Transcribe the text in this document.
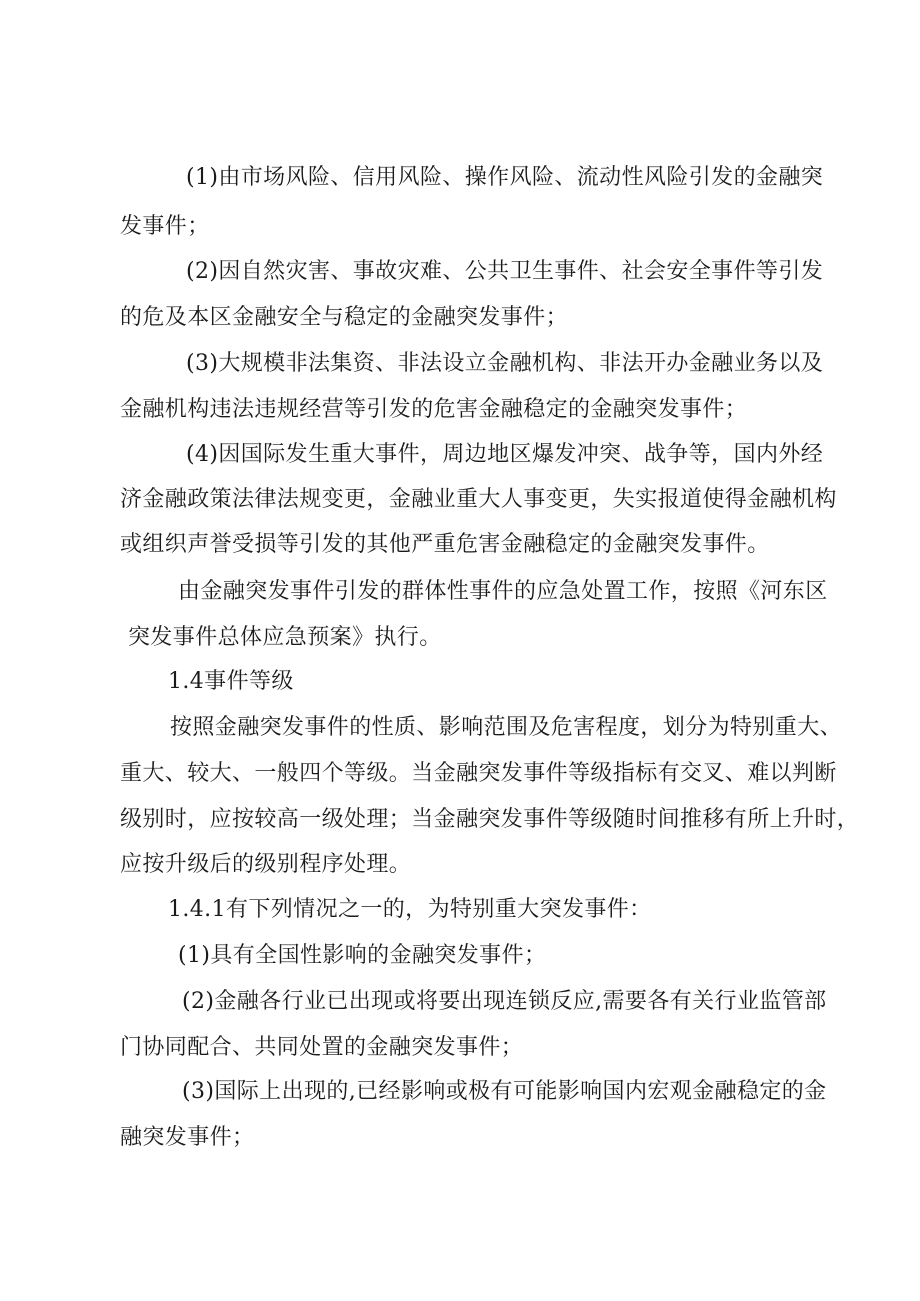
(1)由市场风险、信用风险、操作风险、流动性风险引发的金融突
发事件；
(2)因自然灾害、事故灾难、公共卫生事件、社会安全事件等引发
的危及本区金融安全与稳定的金融突发事件；
(3)大规模非法集资、非法设立金融机构、非法开办金融业务以及
金融机构违法违规经营等引发的危害金融稳定的金融突发事件；
(4)因国际发生重大事件，周边地区爆发冲突、战争等，国内外经
济金融政策法律法规变更，金融业重大人事变更，失实报道使得金融机构
或组织声誉受损等引发的其他严重危害金融稳定的金融突发事件。
由金融突发事件引发的群体性事件的应急处置工作，按照《河东区
突发事件总体应急预案》执行。
1.4事件等级
按照金融突发事件的性质、影响范围及危害程度，划分为特别重大、
重大、较大、一般四个等级。当金融突发事件等级指标有交叉、难以判断
级别时，应按较高一级处理；当金融突发事件等级随时间推移有所上升时，
应按升级后的级别程序处理。
1.4.1有下列情况之一的，为特别重大突发事件：
(1)具有全国性影响的金融突发事件；
(2)金融各行业已出现或将要出现连锁反应,需要各有关行业监管部
门协同配合、共同处置的金融突发事件；
(3)国际上出现的,已经影响或极有可能影响国内宏观金融稳定的金
融突发事件；
